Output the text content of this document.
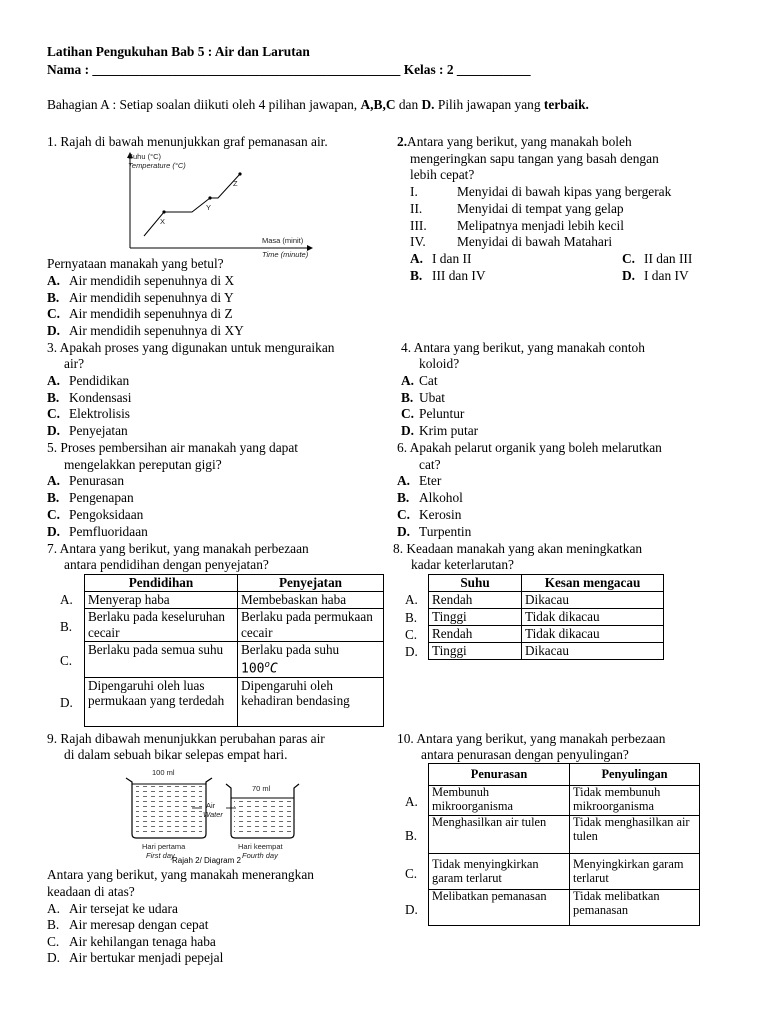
Latihan Pengukuhan Bab 5 : Air dan Larutan
Nama : ______________________________________________ Kelas : 2 ___________
Bahagian A : Setiap soalan diikuti oleh 4 pilihan jawapan, A,B,C dan D. Pilih jawapan yang terbaik.
1. Rajah di bawah menunjukkan graf pemanasan air.
X
Y
Z
Suhu (°C)
Temperature (°C)
Masa (minit)
Time (minute)
Pernyataan manakah yang betul?
A. Air mendidih sepenuhnya di X
B. Air mendidih sepenuhnya di Y
C. Air mendidih sepenuhnya di Z
D. Air mendidih sepenuhnya di XY
2.Antara yang berikut, yang manakah boleh
mengeringkan sapu tangan yang basah dengan
lebih cepat?
I.	Menyidai di bawah kipas yang bergerak
II.	Menyidai di tempat yang gelap
III. Melipatnya menjadi lebih kecil
IV. Menyidai di bawah Matahari
A. I dan II
B. III dan IV
C. II dan III
D. I dan IV
3. Apakah proses yang digunakan untuk menguraikan
air?
A. Pendidikan
B. Kondensasi
C. Elektrolisis
D. Penyejatan
4. Antara yang berikut, yang manakah contoh
koloid?
A. Cat
B. Ubat
C. Peluntur
D. Krim putar
5. Proses pembersihan air manakah yang dapat
mengelakkan pereputan gigi?
A. Penurasan
B. Pengenapan
C. Pengoksidaan
D. Pemfluoridaan
6. Apakah pelarut organik yang boleh melarutkan
cat?
A. Eter
B. Alkohol
C. Kerosin
D. Turpentin
7. Antara yang berikut, yang manakah perbezaan
antara pendidihan dengan penyejatan?
A.
B.
C.
D.
Pendidihan	Penyejatan
Menyerap haba	Membebaskan haba
Berlaku pada keseluruhan cecair	Berlaku pada permukaan cecair
Berlaku pada semua suhu	Berlaku pada suhu
100$^o$C
Dipengaruhi oleh luas permukaan yang terdedah	Dipengaruhi oleh kehadiran bendasing
8. Keadaan manakah yang akan meningkatkan
kadar keterlarutan?
A.
B.
C.
D.
Suhu	Kesan mengacau
Rendah	Dikacau
Tinggi	Tidak dikacau
Rendah	Tidak dikacau
Tinggi	Dikacau
9. Rajah dibawah menunjukkan perubahan paras air
di dalam sebuah bikar selepas empat hari.
100 ml
70 ml
Air
Water
Hari pertama
First day
Hari keempat
Fourth day
Rajah 2/ Diagram 2
Antara yang berikut, yang manakah menerangkan
keadaan di atas?
A. Air tersejat ke udara
B. Air meresap dengan cepat
C. Air kehilangan tenaga haba
D. Air bertukar menjadi pepejal
10. Antara yang berikut, yang manakah perbezaan
antara penurasan dengan penyulingan?
A.
B.
C.
D.
Penurasan	Penyulingan
Membunuh mikroorganisma	Tidak membunuh mikroorganisma
Menghasilkan air tulen	Tidak menghasilkan air tulen
Tidak menyingkirkan garam terlarut	Menyingkirkan garam terlarut
Melibatkan pemanasan	Tidak melibatkan pemanasan
